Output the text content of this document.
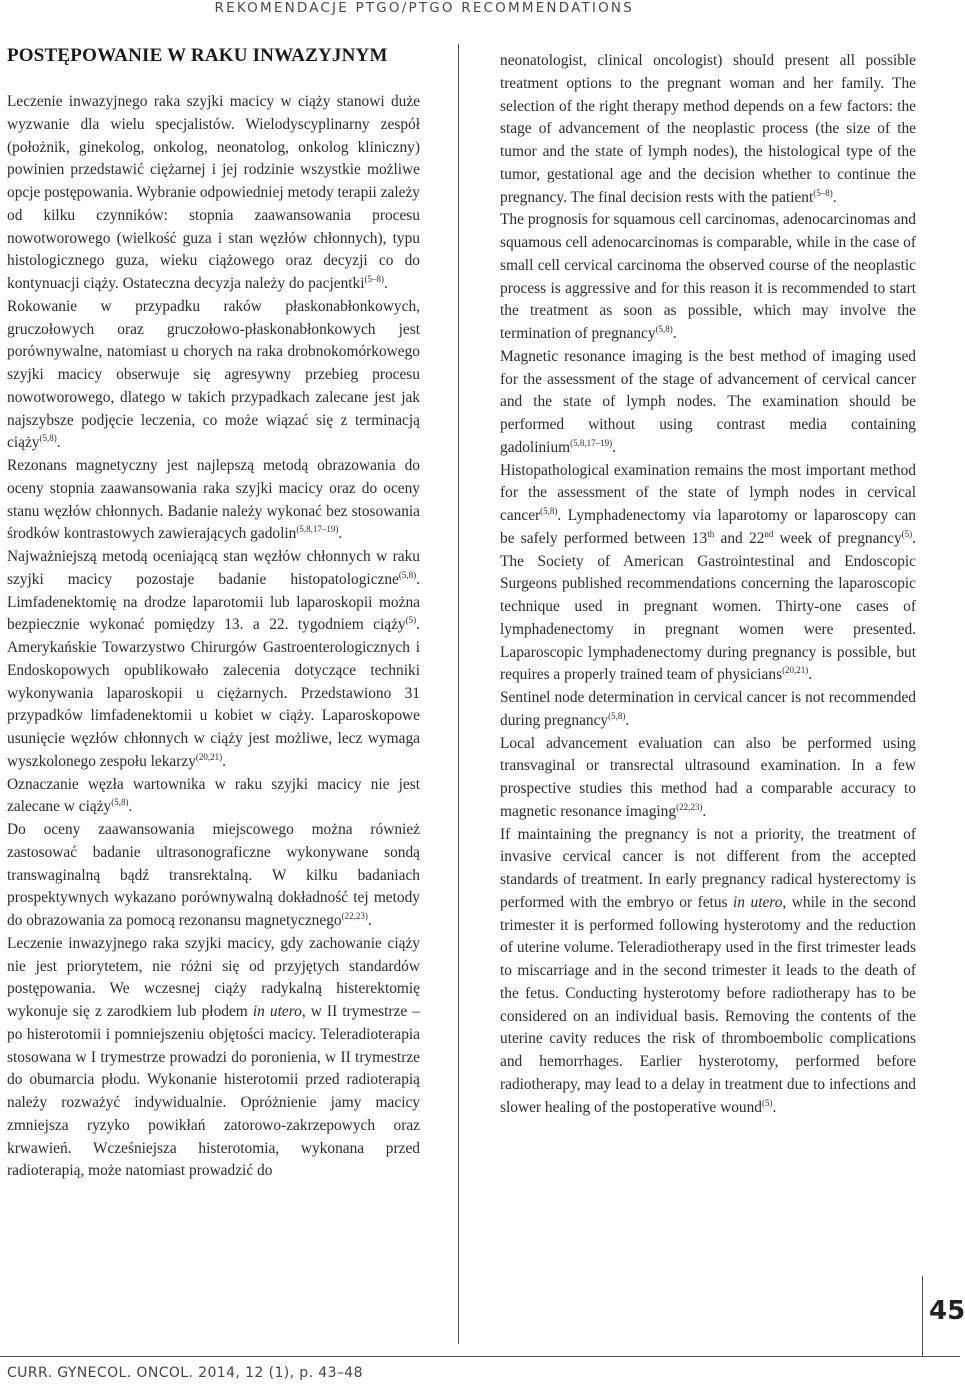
REKOMENDACJE PTGO/PTGO RECOMMENDATIONS
POSTĘPOWANIE W RAKU INWAZYJNYM

Leczenie inwazyjnego raka szyjki macicy w ciąży stanowi duże wyzwanie dla wielu specjalistów. Wielodyscyplinarny zespół (położnik, ginekolog, onkolog, neonatolog, onkolog kliniczny) powinien przedstawić ciężarnej i jej rodzinie wszystkie możliwe opcje postępowania. Wybranie odpowiedniej metody terapii zależy od kilku czynników: stopnia zaawansowania procesu nowotworowego (wielkość guza i stan węzłów chłonnych), typu histologicznego guza, wieku ciążowego oraz decyzji co do kontynuacji ciąży. Ostateczna decyzja należy do pacjentki$^{(5-8)}$.

Rokowanie w przypadku raków płaskonabłonkowych, gruczołowych oraz gruczołowo-płaskonabłonkowych jest porównywalne, natomiast u chorych na raka drobnokomórkowego szyjki macicy obserwuje się agresywny przebieg procesu nowotworowego, dlatego w takich przypadkach zalecane jest jak najszybsze podjęcie leczenia, co może wiązać się z terminacją ciąży$^{(5,8)}$.

Rezonans magnetyczny jest najlepszą metodą obrazowania do oceny stopnia zaawansowania raka szyjki macicy oraz do oceny stanu węzłów chłonnych. Badanie należy wykonać bez stosowania środków kontrastowych zawierających gadolin$^{(5,8,17-19)}$.

Najważniejszą metodą oceniającą stan węzłów chłonnych w raku szyjki macicy pozostaje badanie histopatologiczne$^{(5,8)}$. Limfadenektomię na drodze laparotomii lub laparoskopii można bezpiecznie wykonać pomiędzy 13. a 22. tygodniem ciąży$^{(5)}$. Amerykańskie Towarzystwo Chirurgów Gastroenterologicznych i Endoskopowych opublikowało zalecenia dotyczące techniki wykonywania laparoskopii u ciężarnych. Przedstawiono 31 przypadków limfadenektomii u kobiet w ciąży. Laparoskopowe usunięcie węzłów chłonnych w ciąży jest możliwe, lecz wymaga wyszkolonego zespołu lekarzy$^{(20,21)}$.

Oznaczanie węzła wartownika w raku szyjki macicy nie jest zalecane w ciąży$^{(5,8)}$.

Do oceny zaawansowania miejscowego można również zastosować badanie ultrasonograficzne wykonywane sondą transwaginalną bądź transrektalną. W kilku badaniach prospektywnych wykazano porównywalną dokładność tej metody do obrazowania za pomocą rezonansu magnetycznego$^{(22,23)}$.

Leczenie inwazyjnego raka szyjki macicy, gdy zachowanie ciąży nie jest priorytetem, nie różni się od przyjętych standardów postępowania. We wczesnej ciąży radykalną histerektomię wykonuje się z zarodkiem lub płodem in utero, w II trymestrze – po histerotomii i pomniejszeniu objętości macicy. Teleradioterapia stosowana w I trymestrze prowadzi do poronienia, w II trymestrze do obumarcia płodu. Wykonanie histerotomii przed radioterapią należy rozważyć indywidualnie. Opróżnienie jamy macicy zmniejsza ryzyko powikłań zatorowo-zakrzepowych oraz krwawień. Wcześniejsza histerotomia, wykonana przed radioterapią, może natomiast prowadzić do

neonatologist, clinical oncologist) should present all possible treatment options to the pregnant woman and her family. The selection of the right therapy method depends on a few factors: the stage of advancement of the neoplastic process (the size of the tumor and the state of lymph nodes), the histological type of the tumor, gestational age and the decision whether to continue the pregnancy. The final decision rests with the patient$^{(5-8)}$.

The prognosis for squamous cell carcinomas, adenocarcinomas and squamous cell adenocarcinomas is comparable, while in the case of small cell cervical carcinoma the observed course of the neoplastic process is aggressive and for this reason it is recommended to start the treatment as soon as possible, which may involve the termination of pregnancy$^{(5,8)}$.

Magnetic resonance imaging is the best method of imaging used for the assessment of the stage of advancement of cervical cancer and the state of lymph nodes. The examination should be performed without using contrast media containing gadolinium$^{(5,8,17-19)}$.

Histopathological examination remains the most important method for the assessment of the state of lymph nodes in cervical cancer$^{(5,8)}$. Lymphadenectomy via laparotomy or laparoscopy can be safely performed between 13th and 22nd week of pregnancy$^{(5)}$. The Society of American Gastrointestinal and Endoscopic Surgeons published recommendations concerning the laparoscopic technique used in pregnant women. Thirty-one cases of lymphadenectomy in pregnant women were presented. Laparoscopic lymphadenectomy during pregnancy is possible, but requires a properly trained team of physicians$^{(20,21)}$.

Sentinel node determination in cervical cancer is not recommended during pregnancy$^{(5,8)}$.

Local advancement evaluation can also be performed using transvaginal or transrectal ultrasound examination. In a few prospective studies this method had a comparable accuracy to magnetic resonance imaging$^{(22,23)}$.

If maintaining the pregnancy is not a priority, the treatment of invasive cervical cancer is not different from the accepted standards of treatment. In early pregnancy radical hysterectomy is performed with the embryo or fetus in utero, while in the second trimester it is performed following hysterotomy and the reduction of uterine volume. Teleradiotherapy used in the first trimester leads to miscarriage and in the second trimester it leads to the death of the fetus. Conducting hysterotomy before radiotherapy has to be considered on an individual basis. Removing the contents of the uterine cavity reduces the risk of thromboembolic complications and hemorrhages. Earlier hysterotomy, performed before radiotherapy, may lead to a delay in treatment due to infections and slower healing of the postoperative wound$^{(5)}$.

45
CURR. GYNECOL. ONCOL. 2014, 12 (1), p. 43–48
